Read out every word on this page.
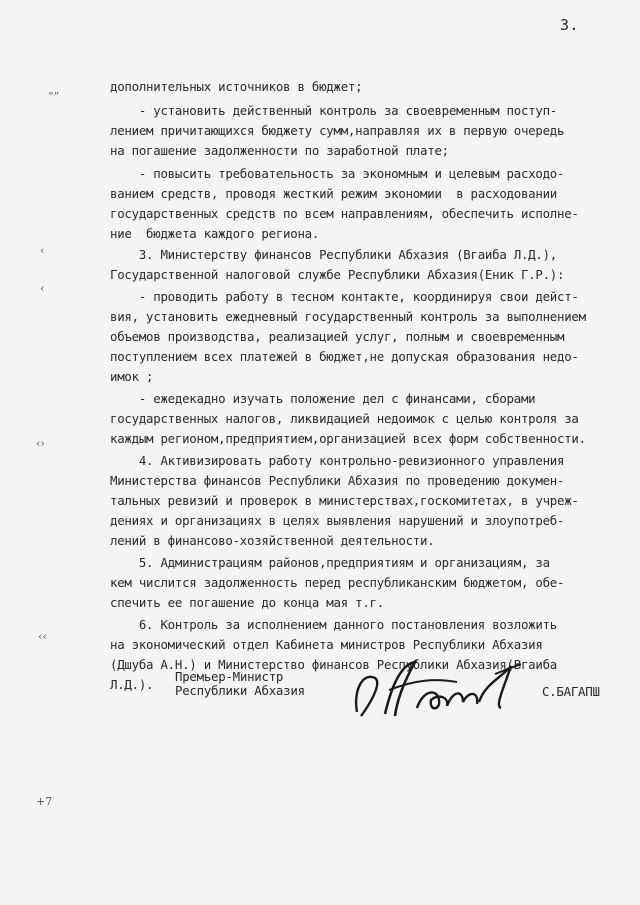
3.
дополнительных источников в бюджет;
- установить действенный контроль за своевременным поступ-
лением причитающихся бюджету сумм,направляя их в первую очередь
на погашение задолженности по заработной плате;
- повысить требовательность за экономным и целевым расходо-
ванием средств, проводя жесткий режим экономии  в расходовании
государственных средств по всем направлениям, обеспечить исполне-
ние  бюджета каждого региона.
3. Министерству финансов Республики Абхазия (Вгаиба Л.Д.),
Государственной налоговой службе Республики Абхазия(Еник Г.Р.):
- проводить работу в тесном контакте, координируя свои дейст-
вия, установить ежедневный государственный контроль за выполнением
объемов производства, реализацией услуг, полным и своевременным
поступлением всех платежей в бюджет,не допуская образования недо-
имок ;
- ежедекадно изучать положение дел с финансами, сборами
государственных налогов, ликвидацией недоимок с целью контроля за
каждым регионом,предприятием,организацией всех форм собственности.
4. Активизировать работу контрольно-ревизионного управления
Министерства финансов Республики Абхазия по проведению докумен-
тальных ревизий и проверок в министерствах,госкомитетах, в учреж-
дениях и организациях в целях выявления нарушений и злоупотреб-
лений в финансово-хозяйственной деятельности.
5. Администрациям районов,предприятиям и организациям, за
кем числится задолженность перед республиканским бюджетом, обе-
спечить ее погашение до конца мая т.г.
6. Контроль за исполнением данного постановления возложить
на экономический отдел Кабинета министров Республики Абхазия
(Дшуба А.Н.) и Министерство финансов Республики Абхазия(Вгаиба
Л.Д.).
“”
‹
‹
‹›
‹‹
+7
Премьер-Министр
Республики Абхазия	С.БАГАПШ
